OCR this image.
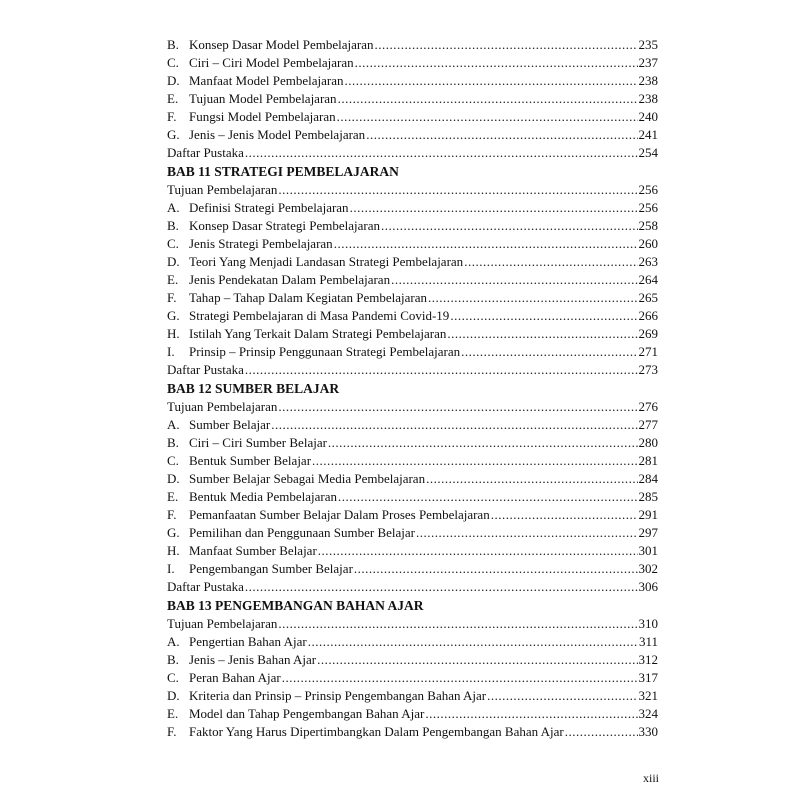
B. Konsep Dasar Model Pembelajaran .....	235
C. Ciri – Ciri Model Pembelajaran .....	237
D. Manfaat Model Pembelajaran .....	238
E. Tujuan Model Pembelajaran .....	238
F. Fungsi Model Pembelajaran .....	240
G. Jenis – Jenis Model Pembelajaran .....	241
Daftar Pustaka .....	254
BAB 11 STRATEGI PEMBELAJARAN
Tujuan Pembelajaran .....	256
A. Definisi Strategi Pembelajaran .....	256
B. Konsep Dasar Strategi Pembelajaran .....	258
C. Jenis Strategi Pembelajaran .....	260
D. Teori Yang Menjadi Landasan Strategi Pembelajaran .....	263
E. Jenis Pendekatan Dalam Pembelajaran .....	264
F. Tahap – Tahap Dalam Kegiatan Pembelajaran .....	265
G. Strategi Pembelajaran di Masa Pandemi Covid-19 .....	266
H. Istilah Yang Terkait Dalam Strategi Pembelajaran .....	269
I.	Prinsip – Prinsip Penggunaan Strategi Pembelajaran .....	271
Daftar Pustaka .....	273
BAB 12 SUMBER BELAJAR
Tujuan Pembelajaran .....	276
A. Sumber Belajar .....	277
B. Ciri – Ciri Sumber Belajar .....	280
C. Bentuk Sumber Belajar .....	281
D. Sumber Belajar Sebagai Media Pembelajaran .....	284
E. Bentuk Media Pembelajaran .....	285
F. Pemanfaatan Sumber Belajar Dalam Proses Pembelajaran .....	291
G. Pemilihan dan Penggunaan Sumber Belajar .....	297
H. Manfaat Sumber Belajar .....	301
I.	Pengembangan Sumber Belajar .....	302
Daftar Pustaka .....	306
BAB 13 PENGEMBANGAN BAHAN AJAR
Tujuan Pembelajaran .....	310
A. Pengertian Bahan Ajar .....	311
B. Jenis – Jenis Bahan Ajar .....	312
C. Peran Bahan Ajar .....	317
D. Kriteria dan Prinsip – Prinsip Pengembangan Bahan Ajar .....	321
E. Model dan Tahap Pengembangan Bahan Ajar .....	324
F. Faktor Yang Harus Dipertimbangkan Dalam Pengembangan Bahan Ajar .....	330
xiii
